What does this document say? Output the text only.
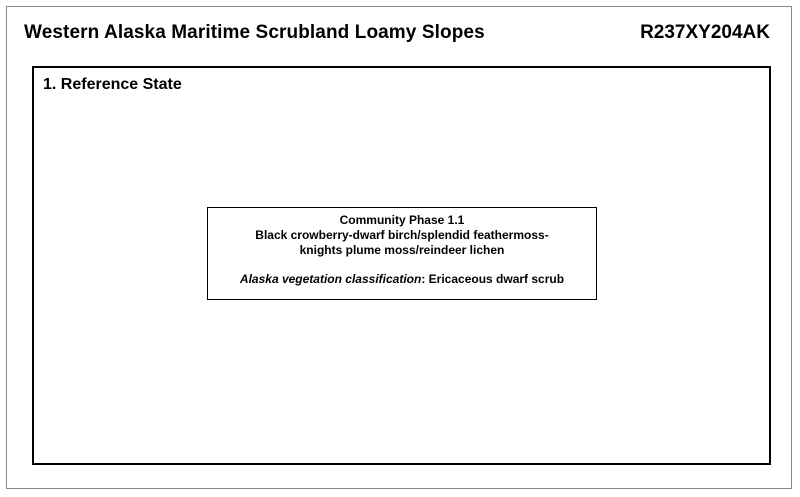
Western Alaska Maritime Scrubland Loamy Slopes	R237XY204AK
1. Reference State
Community Phase 1.1
Black crowberry-dwarf birch/splendid feathermoss-
knights plume moss/reindeer lichen
Alaska vegetation classification: Ericaceous dwarf scrub
